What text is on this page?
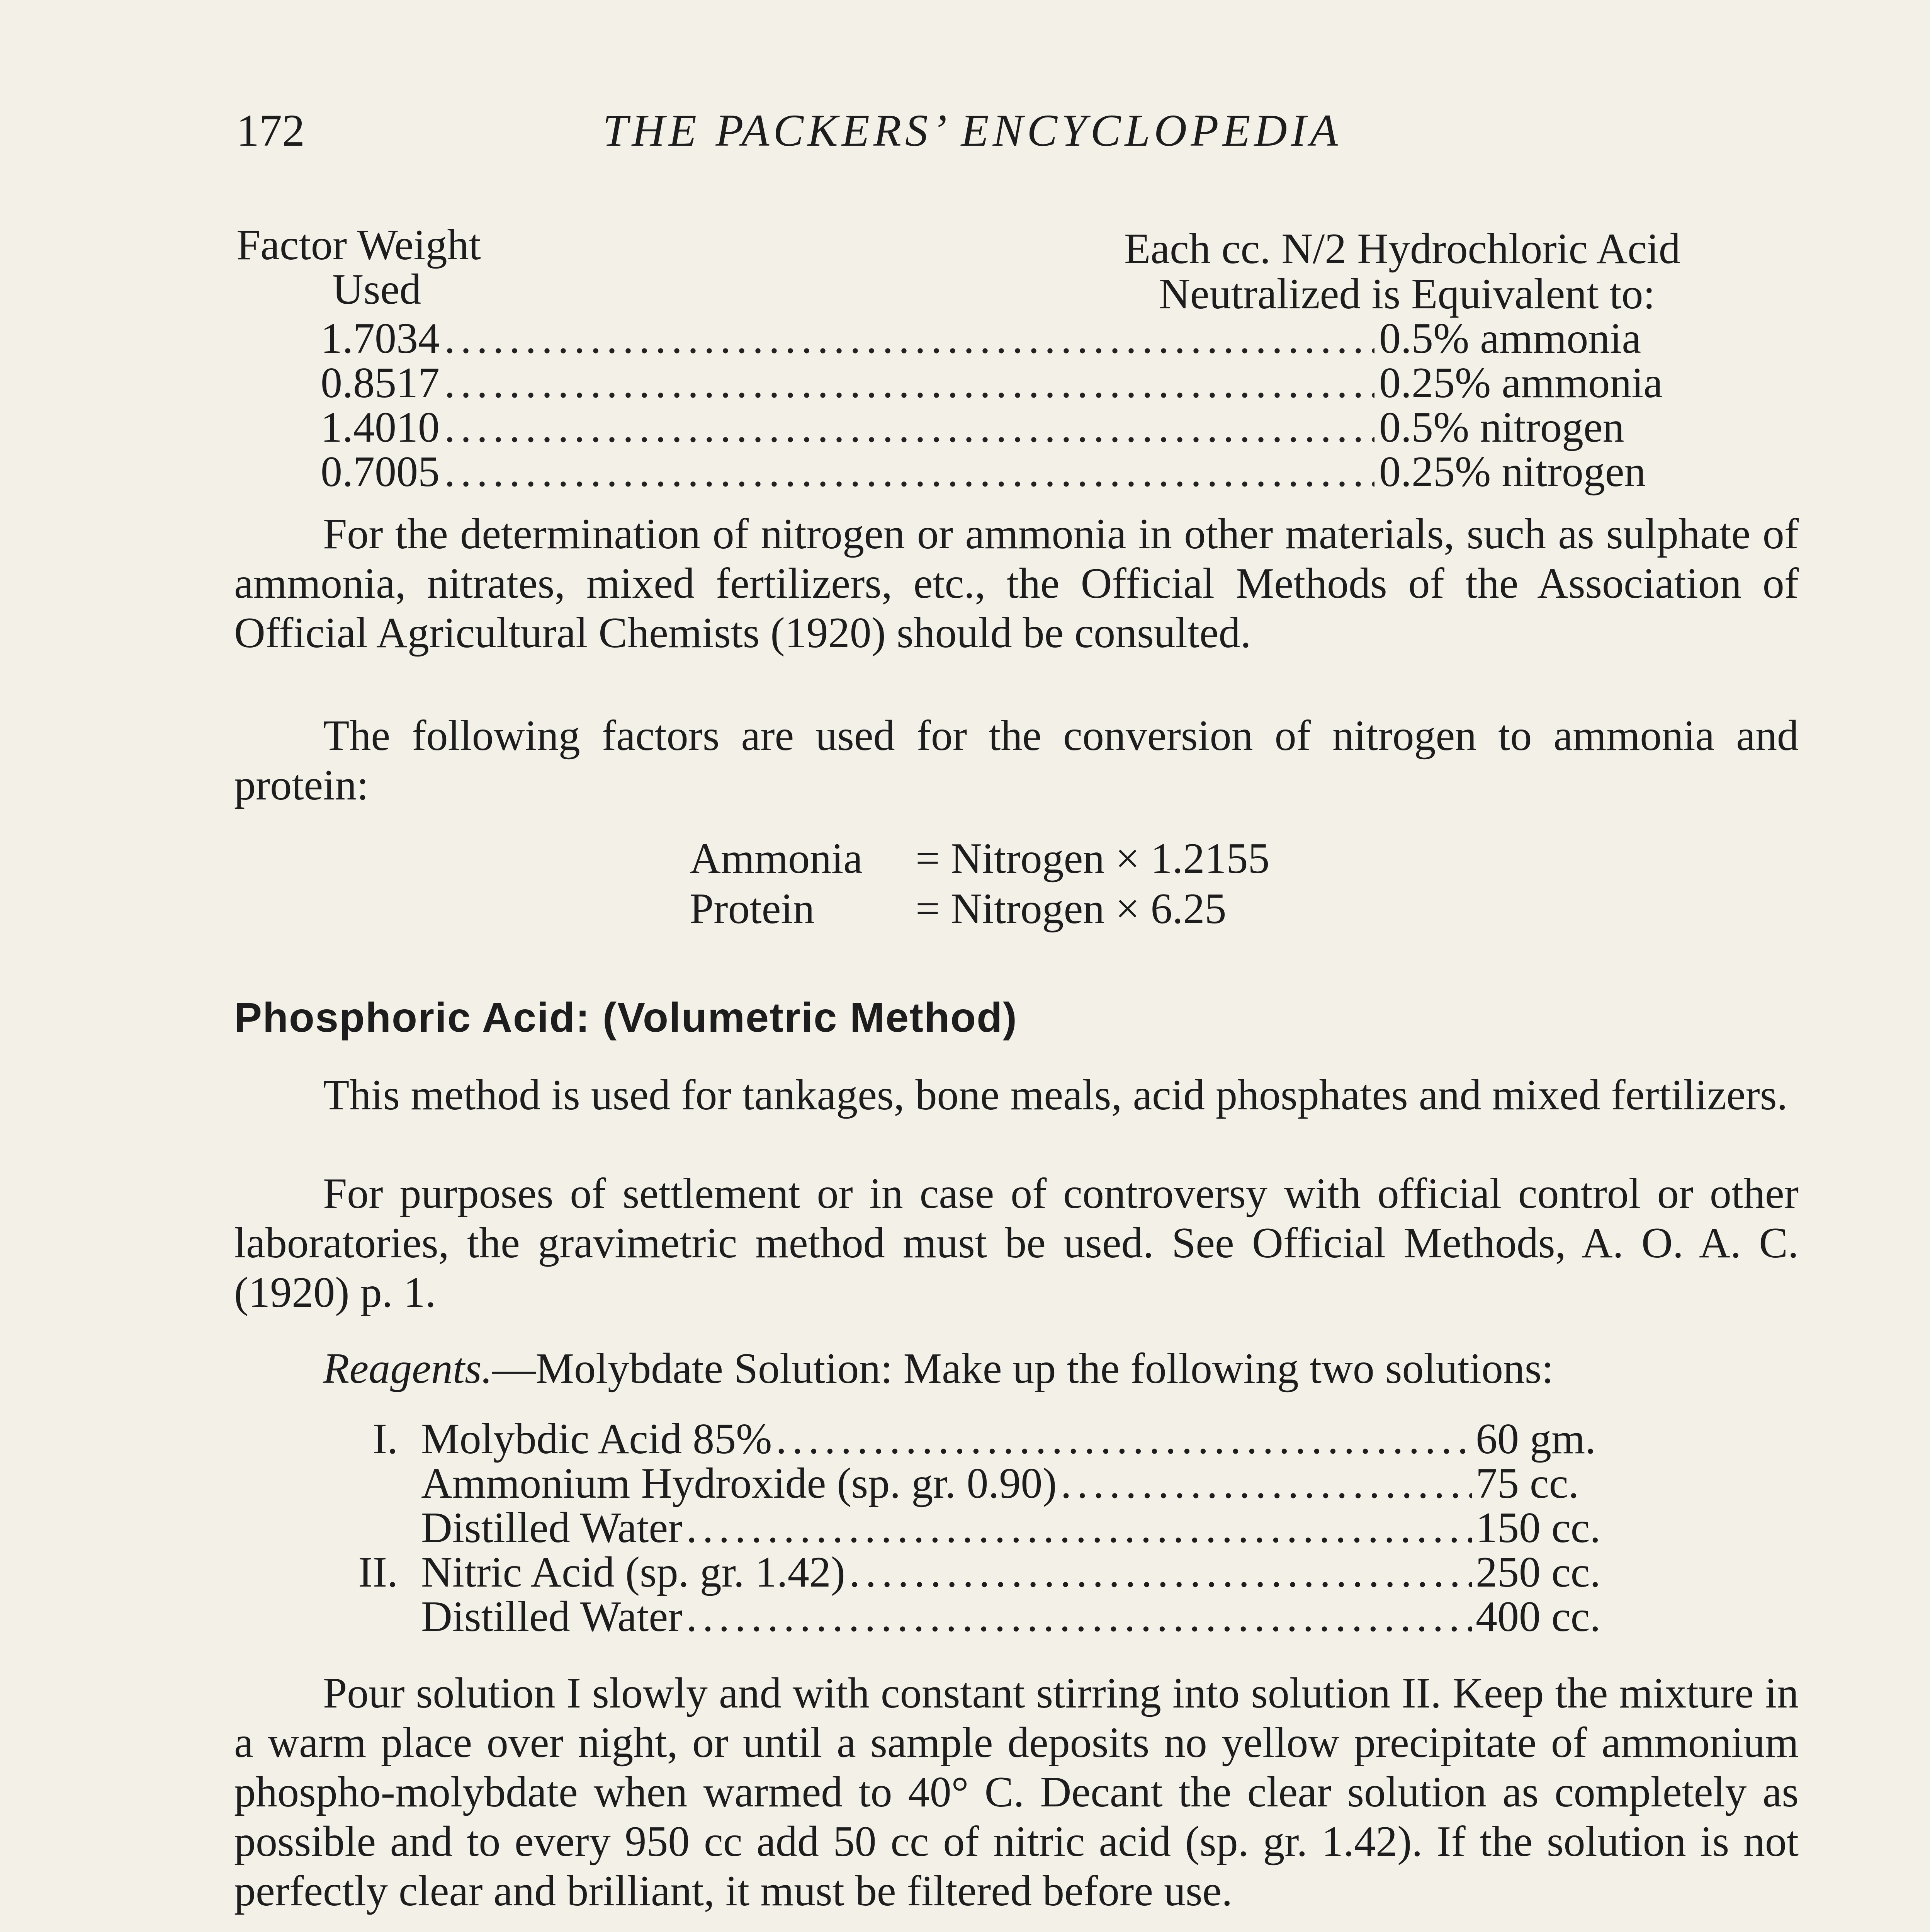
172	THE PACKERS’ ENCYCLOPEDIA
Factor Weight
Used
Each cc. N/2 Hydrochloric Acid
Neutralized is Equivalent to:
1.7034 .....	0.5% ammonia
0.8517 .....	0.25% ammonia
1.4010 .....	0.5% nitrogen
0.7005 .....	0.25% nitrogen

For the determination of nitrogen or ammonia in other materials, such as sulphate of ammonia, nitrates, mixed fertilizers, etc., the Official Methods of the Association of Official Agricultural Chemists (1920) should be consulted.

The following factors are used for the conversion of nitrogen to ammonia and protein:

Ammonia = Nitrogen × 1.2155
Protein = Nitrogen × 6.25
Phosphoric Acid: (Volumetric Method)

This method is used for tankages, bone meals, acid phosphates and mixed fertilizers.

For purposes of settlement or in case of controversy with official control or other laboratories, the gravimetric method must be used. See Official Methods, A. O. A. C. (1920) p. 1.

Reagents.—Molybdate Solution: Make up the following two solutions:

I. Molybdic Acid 85% .....	60 gm.
Ammonium Hydroxide (sp. gr. 0.90) .....	75 cc.
Distilled Water .....	150 cc.
II. Nitric Acid (sp. gr. 1.42) .....	250 cc.
Distilled Water .....	400 cc.

Pour solution I slowly and with constant stirring into solution II. Keep the mixture in a warm place over night, or until a sample deposits no yellow precipitate of ammonium phospho-molybdate when warmed to 40° C. Decant the clear solution as completely as possible and to every 950 cc add 50 cc of nitric acid (sp. gr. 1.42). If the solution is not perfectly clear and brilliant, it must be filtered before use.
